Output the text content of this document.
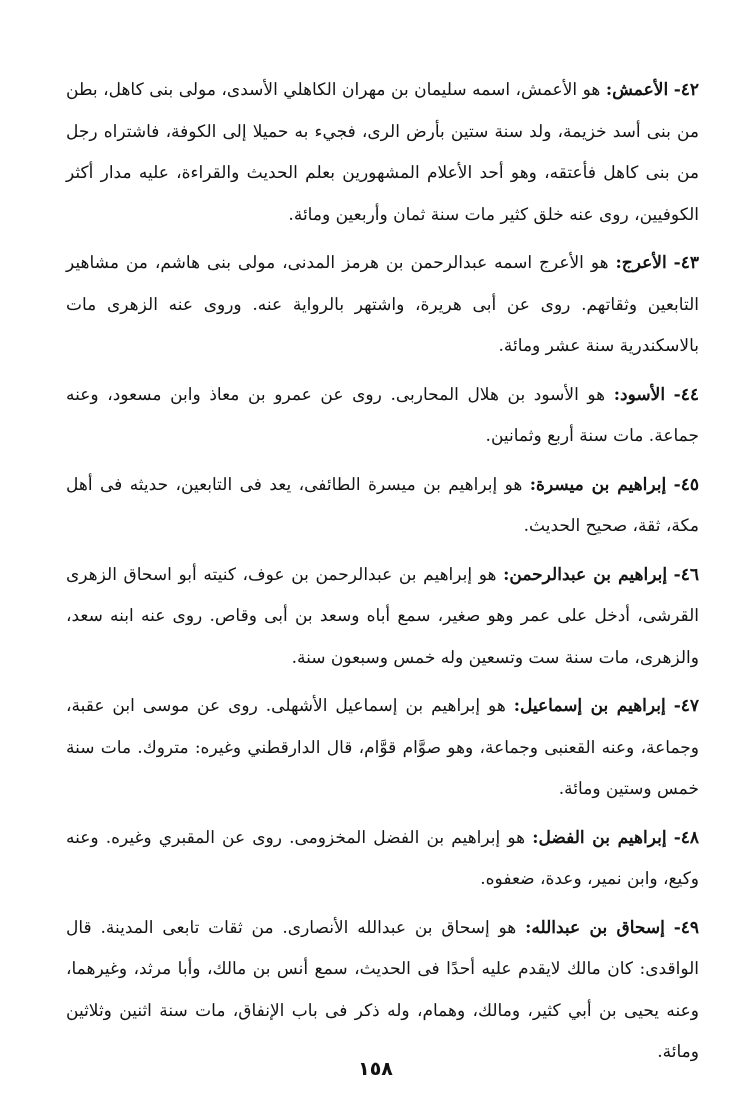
٤٢- الأعمش: هو الأعمش، اسمه سليمان بن مهران الكاهلي الأسدى، مولى بنى كاهل، بطن من بنى أسد خزيمة، ولد سنة ستين بأرض الرى، فجيء به حميلا إلى الكوفة، فاشتراه رجل من بنى كاهل فأعتقه، وهو أحد الأعلام المشهورين بعلم الحديث والقراءة، عليه مدار أكثر الكوفيين، روى عنه خلق كثير مات سنة ثمان وأربعين ومائة.

٤٣- الأعرج: هو الأعرج اسمه عبدالرحمن بن هرمز المدنى، مولى بنى هاشم، من مشاهير التابعين وثقاتهم. روى عن أبى هريرة، واشتهر بالرواية عنه. وروى عنه الزهرى مات بالاسكندرية سنة عشر ومائة.

٤٤- الأسود: هو الأسود بن هلال المحاربى. روى عن عمرو بن معاذ وابن مسعود، وعنه جماعة. مات سنة أربع وثمانين.

٤٥- إبراهيم بن ميسرة: هو إبراهيم بن ميسرة الطائفى، يعد فى التابعين، حديثه فى أهل مكة، ثقة، صحيح الحديث.

٤٦- إبراهيم بن عبدالرحمن: هو إبراهيم بن عبدالرحمن بن عوف، كنيته أبو اسحاق الزهرى القرشى، أدخل على عمر وهو صغير، سمع أباه وسعد بن أبى وقاص. روى عنه ابنه سعد، والزهرى، مات سنة ست وتسعين وله خمس وسبعون سنة.

٤٧- إبراهيم بن إسماعيل: هو إبراهيم بن إسماعيل الأشهلى. روى عن موسى ابن عقبة، وجماعة، وعنه القعنبى وجماعة، وهو صوَّام قوَّام، قال الدارقطني وغيره: متروك. مات سنة خمس وستين ومائة.

٤٨- إبراهيم بن الفضل: هو إبراهيم بن الفضل المخزومى. روى عن المقبري وغيره. وعنه وكيع، وابن نمير، وعدة، ضعفوه.

٤٩- إسحاق بن عبدالله: هو إسحاق بن عبدالله الأنصارى. من ثقات تابعى المدينة. قال الواقدى: كان مالك لايقدم عليه أحدًا فى الحديث، سمع أنس بن مالك، وأبا مرثد، وغيرهما، وعنه يحيى بن أبي كثير، ومالك، وهمام، وله ذكر فى باب الإنفاق، مات سنة اثنين وثلاثين ومائة.

١٥٨
